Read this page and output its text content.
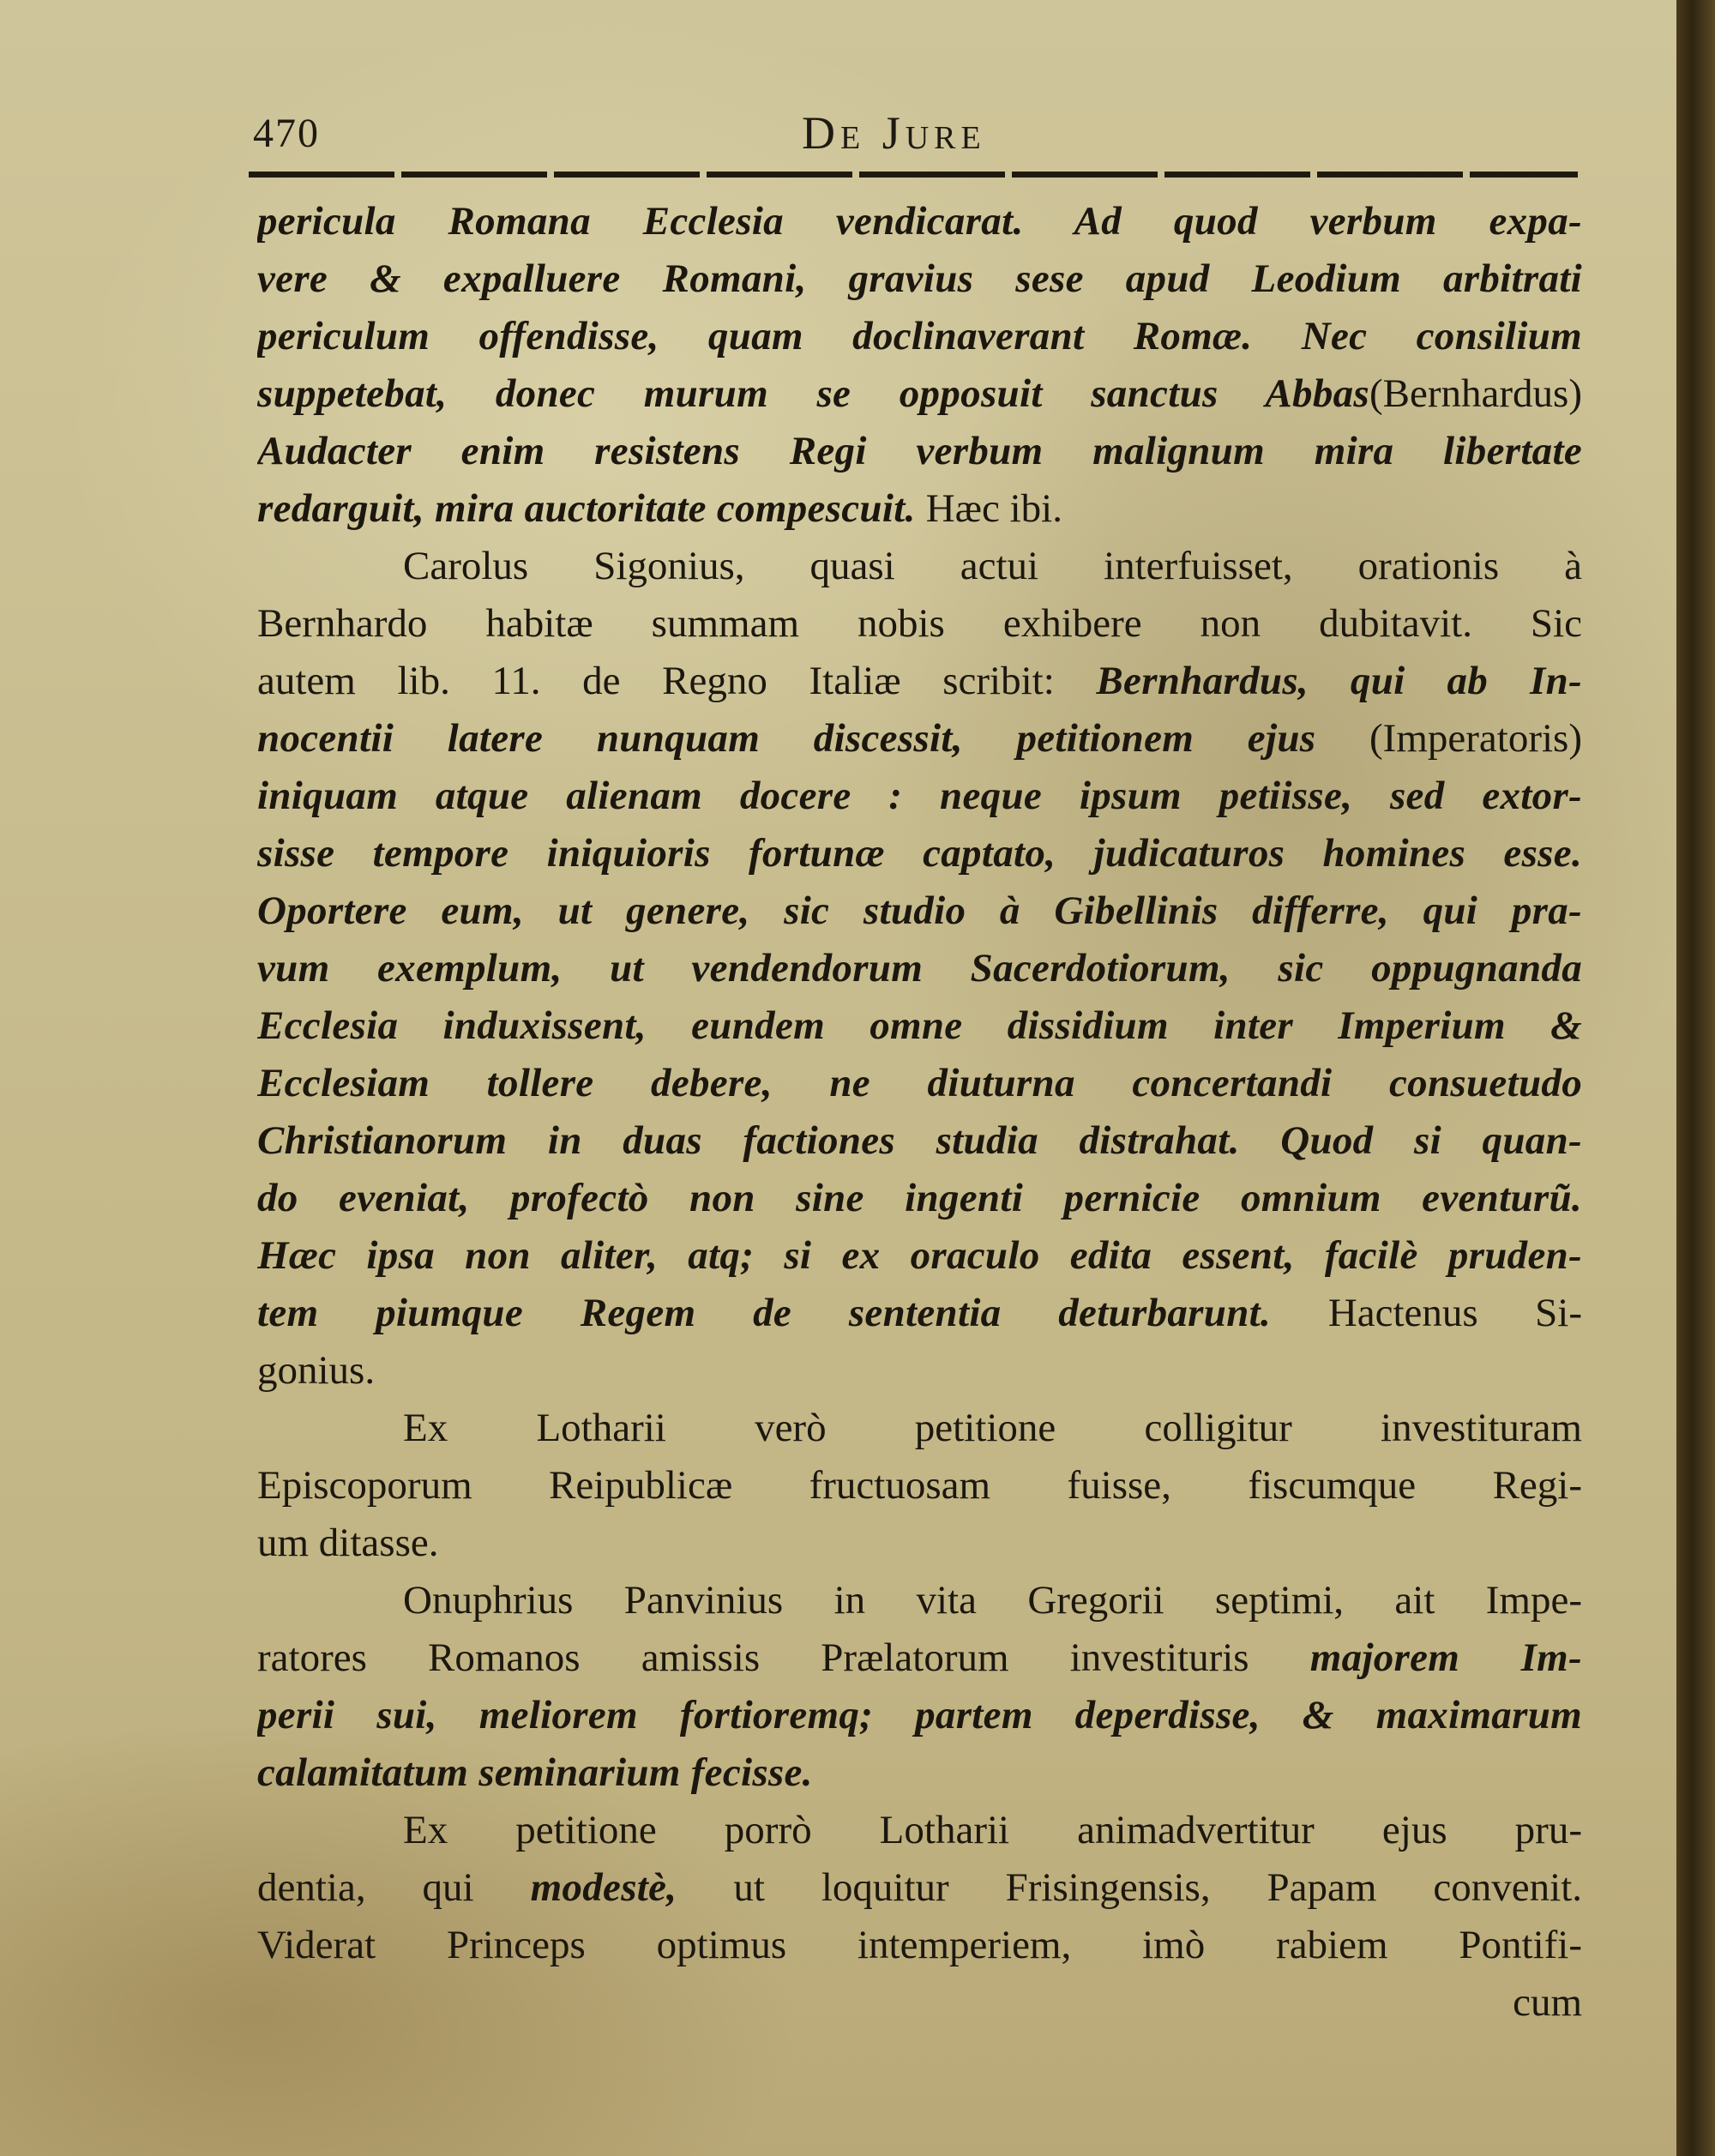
470	De Jure
pericula Romana Ecclesia vendicarat. Ad quod verbum expa-
vere & expalluere Romani, gravius sese apud Leodium arbitrati
periculum offendisse, quam doclinaverant Romæ. Nec consilium
suppetebat, donec murum se opposuit sanctus Abbas(Bernhardus)
Audacter enim resistens Regi verbum malignum mira libertate
redarguit, mira auctoritate compescuit. Hæc ibi.
Carolus Sigonius, quasi actui interfuisset, orationis à
Bernhardo habitæ summam nobis exhibere non dubitavit. Sic
autem lib. 11. de Regno Italiæ scribit: Bernhardus, qui ab In-
nocentii latere nunquam discessit, petitionem ejus (Imperatoris)
iniquam atque alienam docere : neque ipsum petiisse, sed extor-
sisse tempore iniquioris fortunæ captato, judicaturos homines esse.
Oportere eum, ut genere, sic studio à Gibellinis differre, qui pra-
vum exemplum, ut vendendorum Sacerdotiorum, sic oppugnanda
Ecclesia induxissent, eundem omne dissidium inter Imperium &
Ecclesiam tollere debere, ne diuturna concertandi consuetudo
Christianorum in duas factiones studia distrahat. Quod si quan-
do eveniat, profectò non sine ingenti pernicie omnium eventurũ.
Hæc ipsa non aliter, atq; si ex oraculo edita essent, facilè pruden-
tem piumque Regem de sententia deturbarunt. Hactenus Si-
gonius.
Ex Lotharii verò petitione colligitur investituram
Episcoporum Reipublicæ fructuosam fuisse, fiscumque Regi-
um ditasse.
Onuphrius Panvinius in vita Gregorii septimi, ait Impe-
ratores Romanos amissis Prælatorum investituris majorem Im-
perii sui, meliorem fortioremq; partem deperdisse, & maximarum
calamitatum seminarium fecisse.
Ex petitione porrò Lotharii animadvertitur ejus pru-
dentia, qui modestè, ut loquitur Frisingensis, Papam convenit.
Viderat Princeps optimus intemperiem, imò rabiem Pontifi-
cum
